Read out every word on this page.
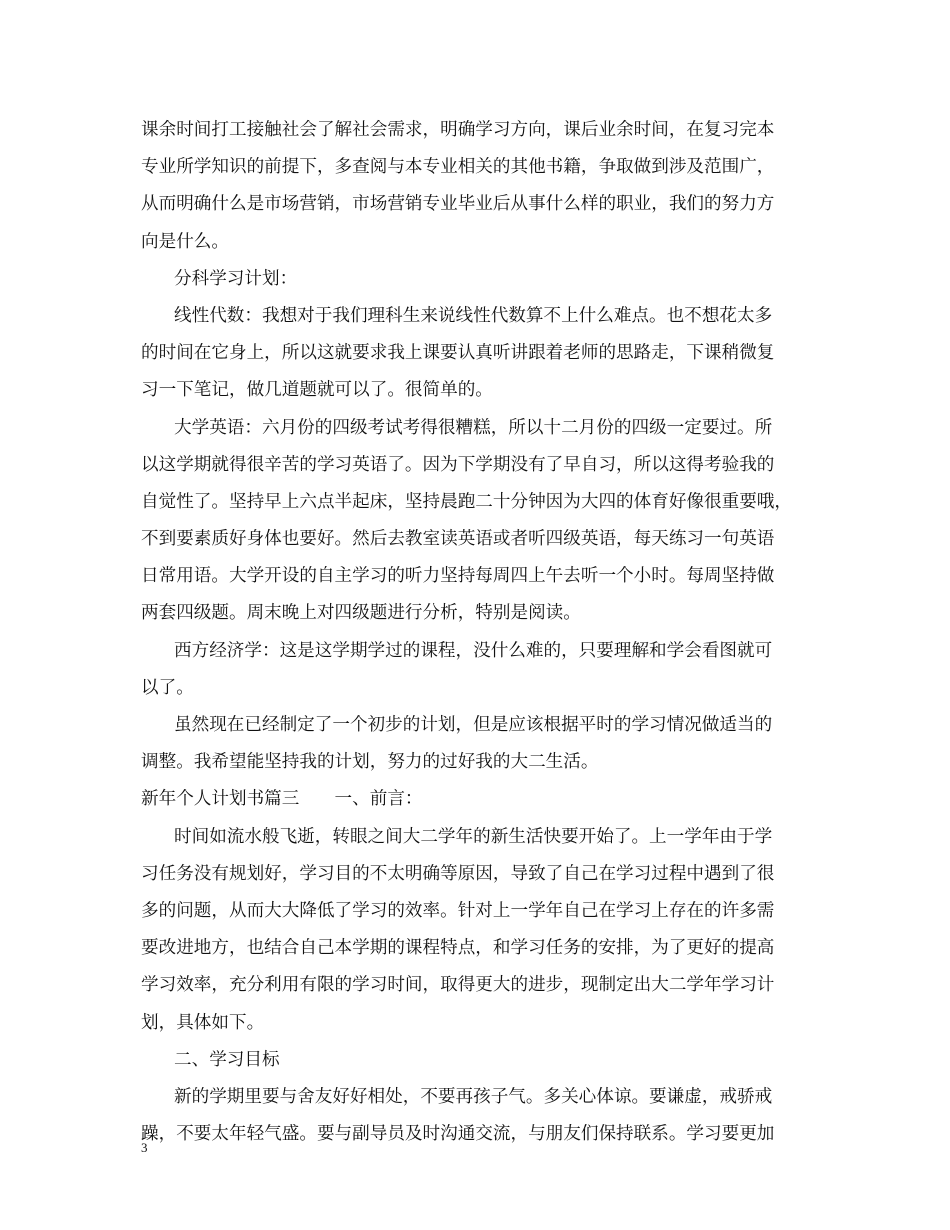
课余时间打工接触社会了解社会需求，明确学习方向，课后业余时间，在复习完本
专业所学知识的前提下，多查阅与本专业相关的其他书籍，争取做到涉及范围广，
从而明确什么是市场营销，市场营销专业毕业后从事什么样的职业，我们的努力方
向是什么。
分科学习计划：
线性代数：我想对于我们理科生来说线性代数算不上什么难点。也不想花太多
的时间在它身上，所以这就要求我上课要认真听讲跟着老师的思路走，下课稍微复
习一下笔记，做几道题就可以了。很简单的。
大学英语：六月份的四级考试考得很糟糕，所以十二月份的四级一定要过。所
以这学期就得很辛苦的学习英语了。因为下学期没有了早自习，所以这得考验我的
自觉性了。坚持早上六点半起床，坚持晨跑二十分钟因为大四的体育好像很重要哦，
不到要素质好身体也要好。然后去教室读英语或者听四级英语，每天练习一句英语
日常用语。大学开设的自主学习的听力坚持每周四上午去听一个小时。每周坚持做
两套四级题。周末晚上对四级题进行分析，特别是阅读。
西方经济学：这是这学期学过的课程，没什么难的，只要理解和学会看图就可
以了。
虽然现在已经制定了一个初步的计划，但是应该根据平时的学习情况做适当的
调整。我希望能坚持我的计划，努力的过好我的大二生活。
新年个人计划书篇三　　一、前言：
时间如流水般飞逝，转眼之间大二学年的新生活快要开始了。上一学年由于学
习任务没有规划好，学习目的不太明确等原因，导致了自己在学习过程中遇到了很
多的问题，从而大大降低了学习的效率。针对上一学年自己在学习上存在的许多需
要改进地方，也结合自己本学期的课程特点，和学习任务的安排，为了更好的提高
学习效率，充分利用有限的学习时间，取得更大的进步，现制定出大二学年学习计
划，具体如下。
二、学习目标
新的学期里要与舍友好好相处，不要再孩子气。多关心体谅。要谦虚，戒骄戒
躁，不要太年轻气盛。要与副导员及时沟通交流，与朋友们保持联系。学习要更加
3
